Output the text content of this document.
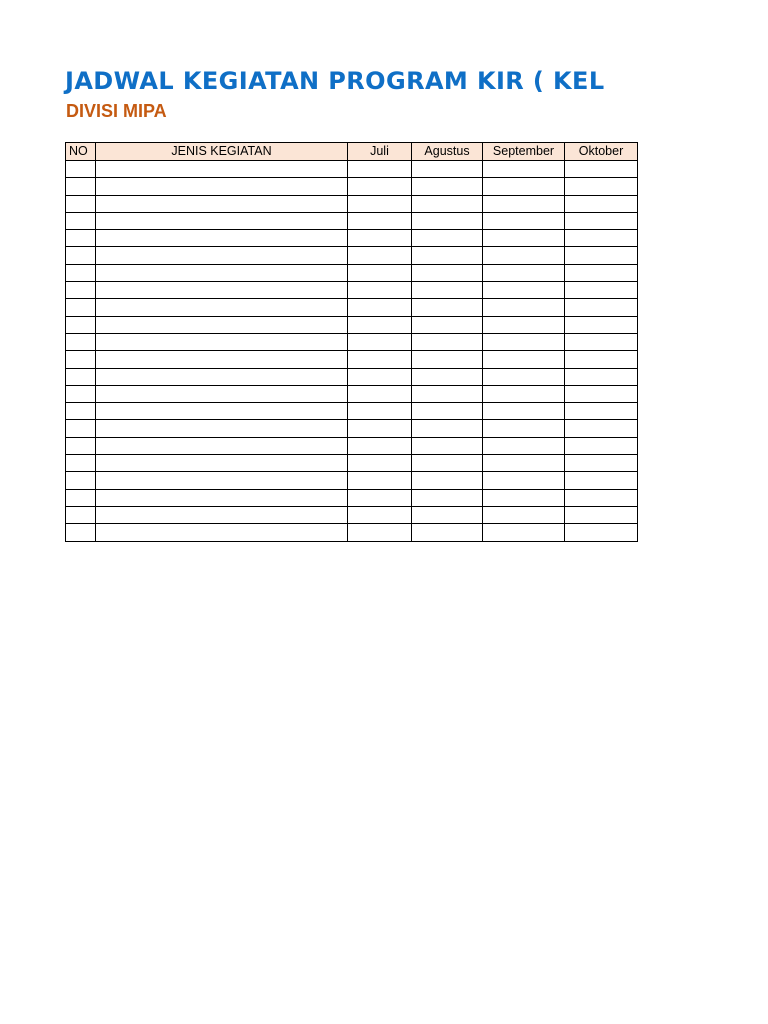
JADWAL KEGIATAN PROGRAM KIR ( KEL
DIVISI MIPA
NO	JENIS KEGIATAN	Juli	Agustus	September	Oktober
